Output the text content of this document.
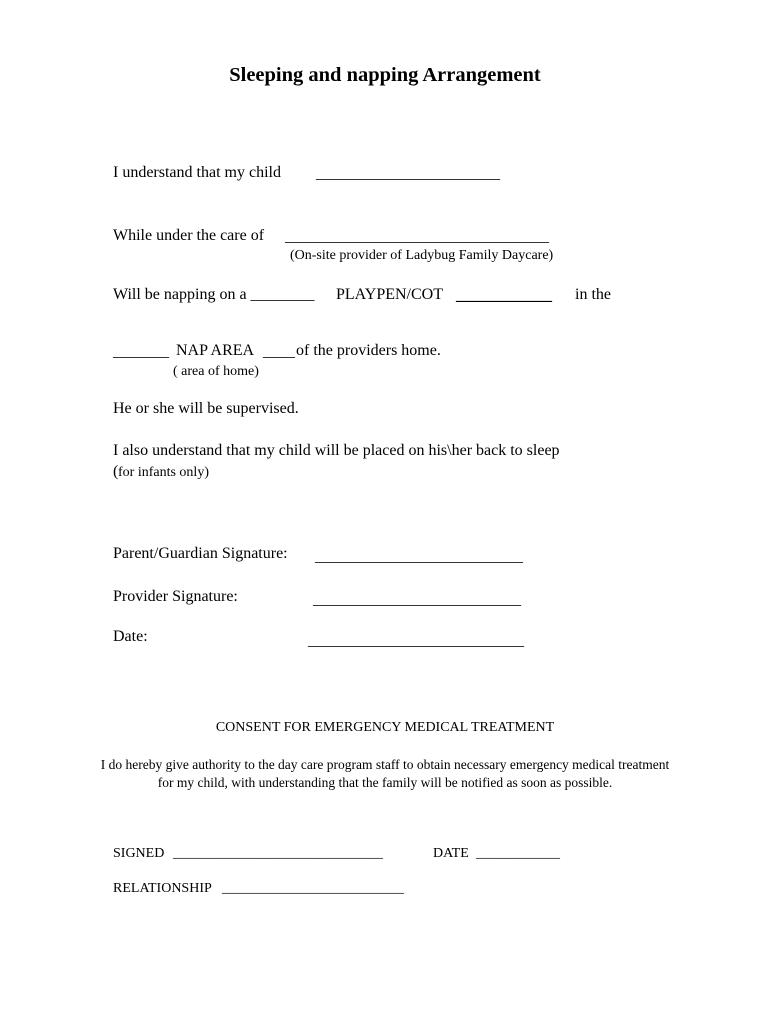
Sleeping and napping Arrangement
I understand that my child _______________________
While under the care of _________________________________
(On-site provider of Ladybug Family Daycare)
Will be napping on a ________ PLAYPEN/COT ____________ in the
_______ NAP AREA ____
of the providers home.
( area of home)
He or she will be supervised.
I also understand that my child will be placed on his\her back to sleep
( for infants only)
Parent/Guardian Signature: __________________________
Provider Signature:	__________________________
Date:	___________________________
CONSENT FOR EMERGENCY MEDICAL TREATMENT
I do hereby give authority to the day care program staff to obtain necessary emergency medical treatment for my child, with understanding that the family will be notified as soon as possible.
SIGNED ______________________________	DATE ____________
RELATIONSHIP __________________________
